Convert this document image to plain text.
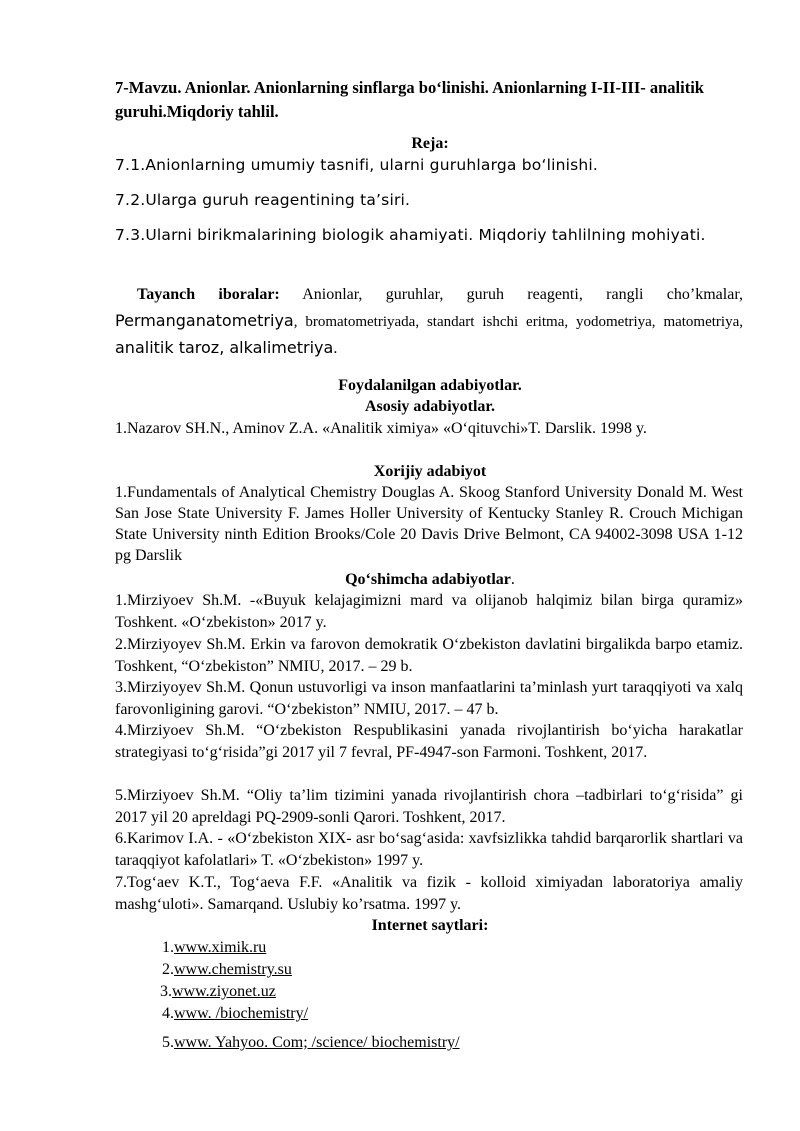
7-Mavzu. Anionlar. Anionlarning sinflarga bo‘linishi. Anionlarning I-II-III- analitik guruhi.Miqdoriy tahlil.
Reja:
7.1.Anionlarning umumiy tasnifi, ularni guruhlarga bo‘linishi.
7.2.Ularga guruh reagentining ta’siri.
7.3.Ularni birikmalarining biologik ahamiyati. Miqdoriy tahlilning mohiyati.
Tayanch iboralar: Anionlar, guruhlar, guruh reagenti, rangli cho’kmalar, Permanganatometriya, bromatometriyada, standart ishchi eritma, yodometriya, matometriya, analitik taroz, alkalimetriya.
Foydalanilgan adabiyotlar.
Asosiy adabiyotlar.
1.Nazarov SH.N., Aminov Z.A. «Analitik ximiya» «O‘qituvchi»T. Darslik. 1998 y.
Xorijiy adabiyot
1.Fundamentals of Analytical Chemistry Douglas A. Skoog Stanford University Donald M. West San Jose State University F. James Holler University of Kentucky Stanley R. Crouch Michigan State University ninth Edition Brooks/Cole 20 Davis Drive Belmont, CA 94002-3098 USA 1-12 pg Darslik
Qo‘shimcha adabiyotlar.
1.Mirziyoev Sh.M. -«Buyuk kelajagimizni mard va olijanob halqimiz bilan birga quramiz» Toshkent. «O‘zbekiston» 2017 y.
2.Mirziyoyev Sh.M. Erkin va farovon demokratik O‘zbekiston davlatini birgalikda barpo etamiz. Toshkent, “O‘zbekiston” NMIU, 2017. – 29 b.
3.Mirziyoyev Sh.M. Qonun ustuvorligi va inson manfaatlarini ta’minlash yurt taraqqiyoti va xalq farovonligining garovi. “O‘zbekiston” NMIU, 2017. – 47 b.
4.Mirziyoev Sh.M. “O‘zbekiston Respublikasini yanada rivojlantirish bo‘yicha harakatlar strategiyasi to‘g‘risida”gi 2017 yil 7 fevral, PF-4947-son Farmoni. Toshkent, 2017.
5.Mirziyoev Sh.M. “Oliy ta’lim tizimini yanada rivojlantirish chora –tadbirlari to‘g‘risida” gi 2017 yil 20 apreldagi PQ-2909-sonli Qarori. Toshkent, 2017.
6.Karimov I.A. - «O‘zbekiston XIX- asr bo‘sag‘asida: xavfsizlikka tahdid barqarorlik shartlari va taraqqiyot kafolatlari» T. «O‘zbekiston» 1997 y.
7.Tog‘aev K.T., Tog‘aeva F.F. «Analitik va fizik - kolloid ximiyadan laboratoriya amaliy mashg‘uloti». Samarqand. Uslubiy ko’rsatma. 1997 y.
Internet saytlari:
1.www.ximik.ru
2.www.chemistry.su
3.www.ziyonet.uz
4.www. /biochemistry/
5.www. Yahyoo. Com; /science/ biochemistry/
